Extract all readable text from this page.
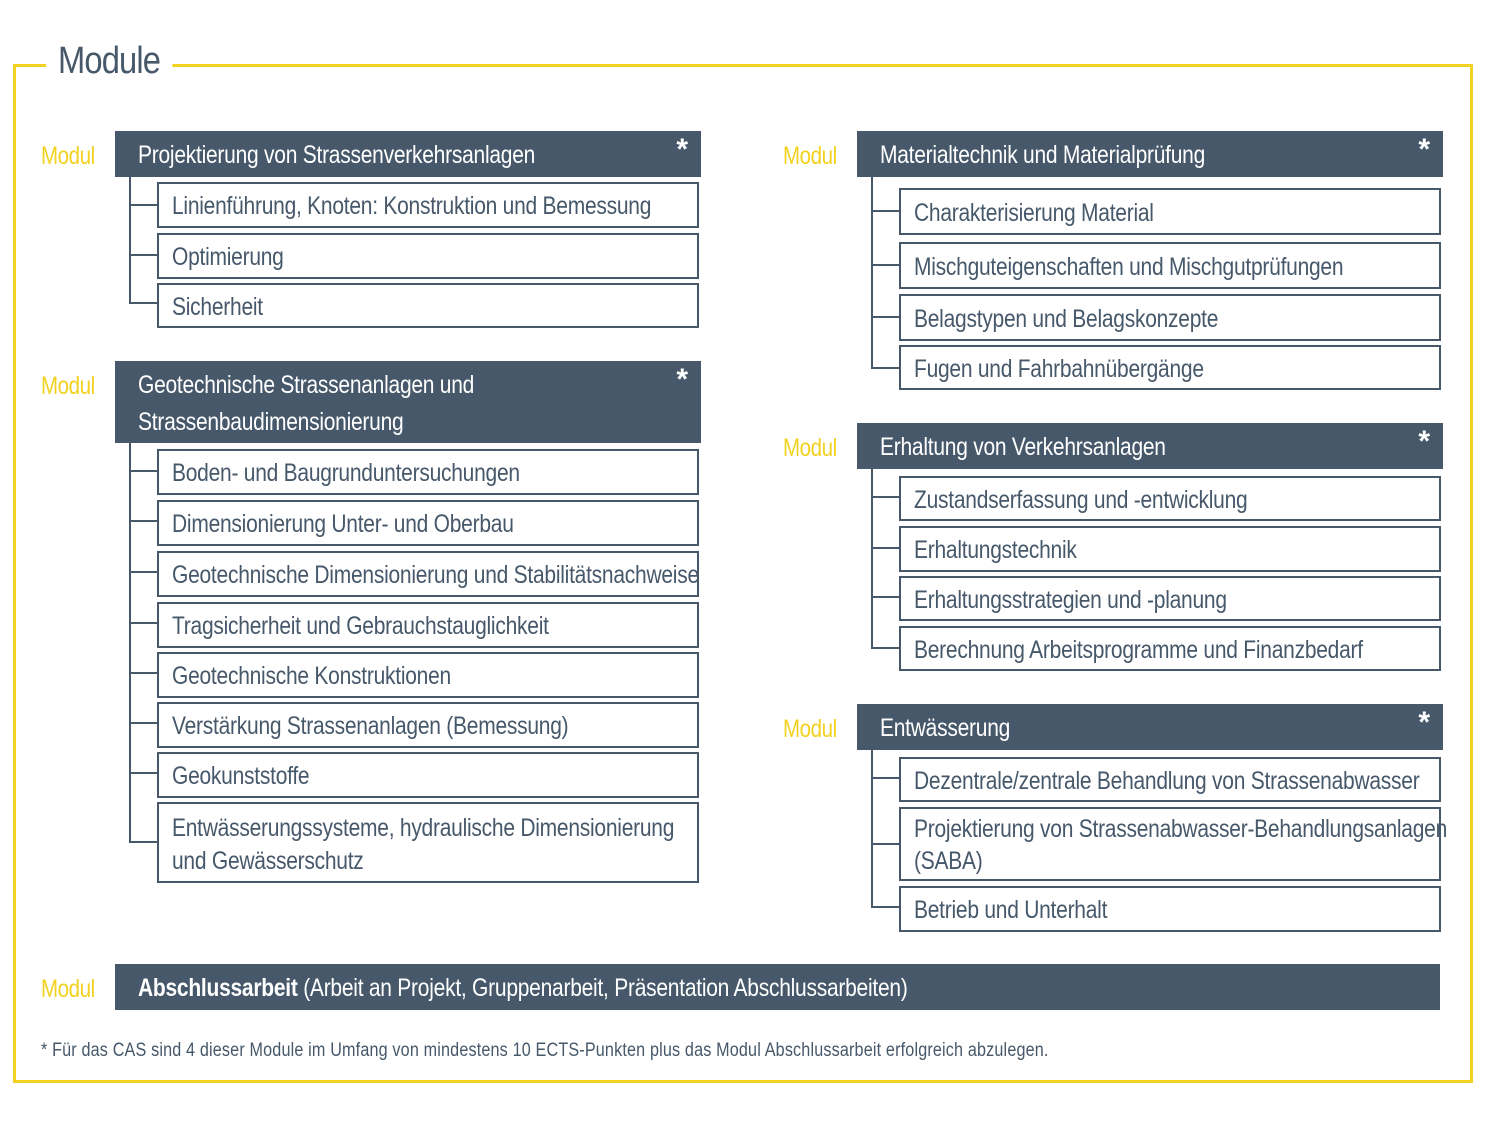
Module
Modul Projektierung von Strassenverkehrsanlagen	*
Linienführung, Knoten: Konstruktion und Bemessung
Optimierung
Sicherheit
Modul Geotechnische Strassenanlagen und
Strassenbaudimensionierung
*
Boden- und Baugrunduntersuchungen
Dimensionierung Unter- und Oberbau
Geotechnische Dimensionierung und Stabilitätsnachweise
Tragsicherheit und Gebrauchstauglichkeit
Geotechnische Konstruktionen
Verstärkung Strassenanlagen (Bemessung)
Geokunststoffe
Entwässerungssysteme, hydraulische Dimensionierung
und Gewässerschutz
Modul Materialtechnik und Materialprüfung	*
Charakterisierung Material
Mischguteigenschaften und Mischgutprüfungen
Belagstypen und Belagskonzepte
Fugen und Fahrbahnübergänge
Modul Erhaltung von Verkehrsanlagen	*
Zustandserfassung und -entwicklung
Erhaltungstechnik
Erhaltungsstrategien und -planung
Berechnung Arbeitsprogramme und Finanzbedarf
Modul Entwässerung	*
Dezentrale/zentrale Behandlung von Strassenabwasser
Projektierung von Strassenabwasser-Behandlungsanlagen
(SABA)
Betrieb und Unterhalt
Modul Abschlussarbeit (Arbeit an Projekt, Gruppenarbeit, Präsentation Abschlussarbeiten)
* Für das CAS sind 4 dieser Module im Umfang von mindestens 10 ECTS-Punkten plus das Modul Abschlussarbeit erfolgreich abzulegen.
